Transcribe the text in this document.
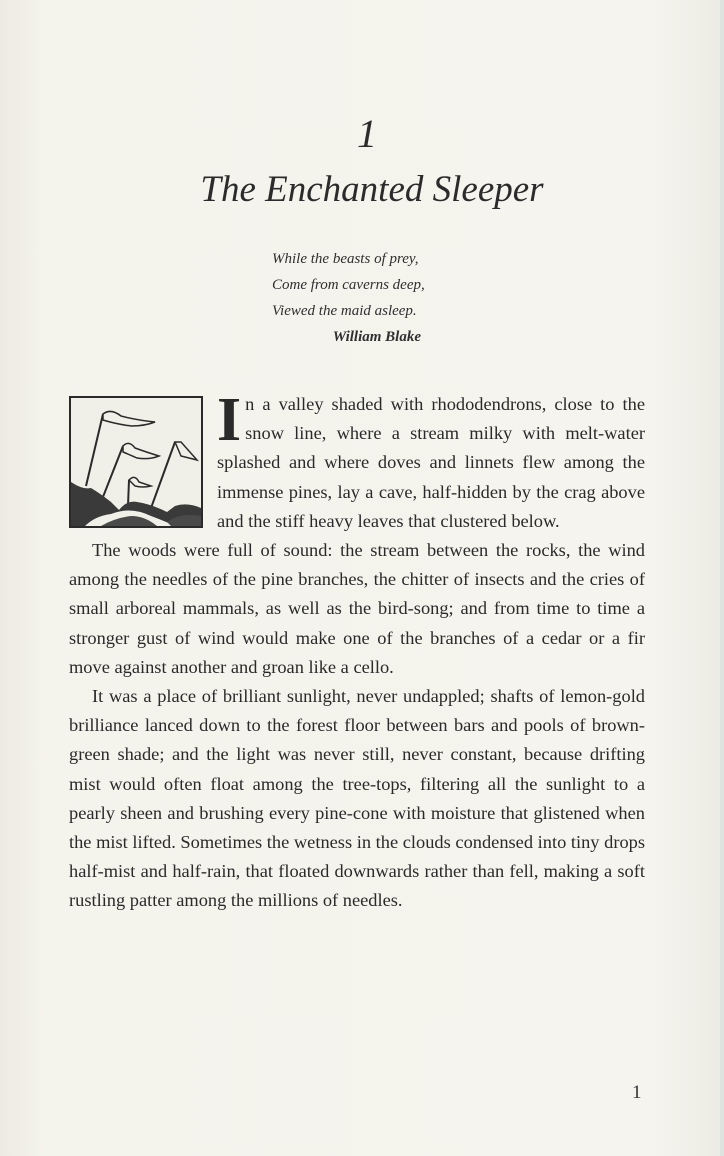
1
The Enchanted Sleeper
While the beasts of prey,
Come from caverns deep,
Viewed the maid asleep.
William Blake

I n a valley shaded with rhododendrons, close to the snow line, where a stream milky with melt-water splashed and where doves and linnets flew among the immense pines, lay a cave, half-hidden by the crag above and the stiff heavy leaves that clustered below.

The woods were full of sound: the stream between the rocks, the wind among the needles of the pine branches, the chitter of insects and the cries of small arboreal mammals, as well as the bird-song; and from time to time a stronger gust of wind would make one of the branches of a cedar or a fir move against another and groan like a cello.

It was a place of brilliant sunlight, never undappled; shafts of lemon-gold brilliance lanced down to the forest floor between bars and pools of brown-green shade; and the light was never still, never constant, because drifting mist would often float among the tree-tops, filtering all the sunlight to a pearly sheen and brushing every pine-cone with moisture that glistened when the mist lifted. Sometimes the wetness in the clouds condensed into tiny drops half-mist and half-rain, that floated downwards rather than fell, making a soft rustling patter among the millions of needles.

1
